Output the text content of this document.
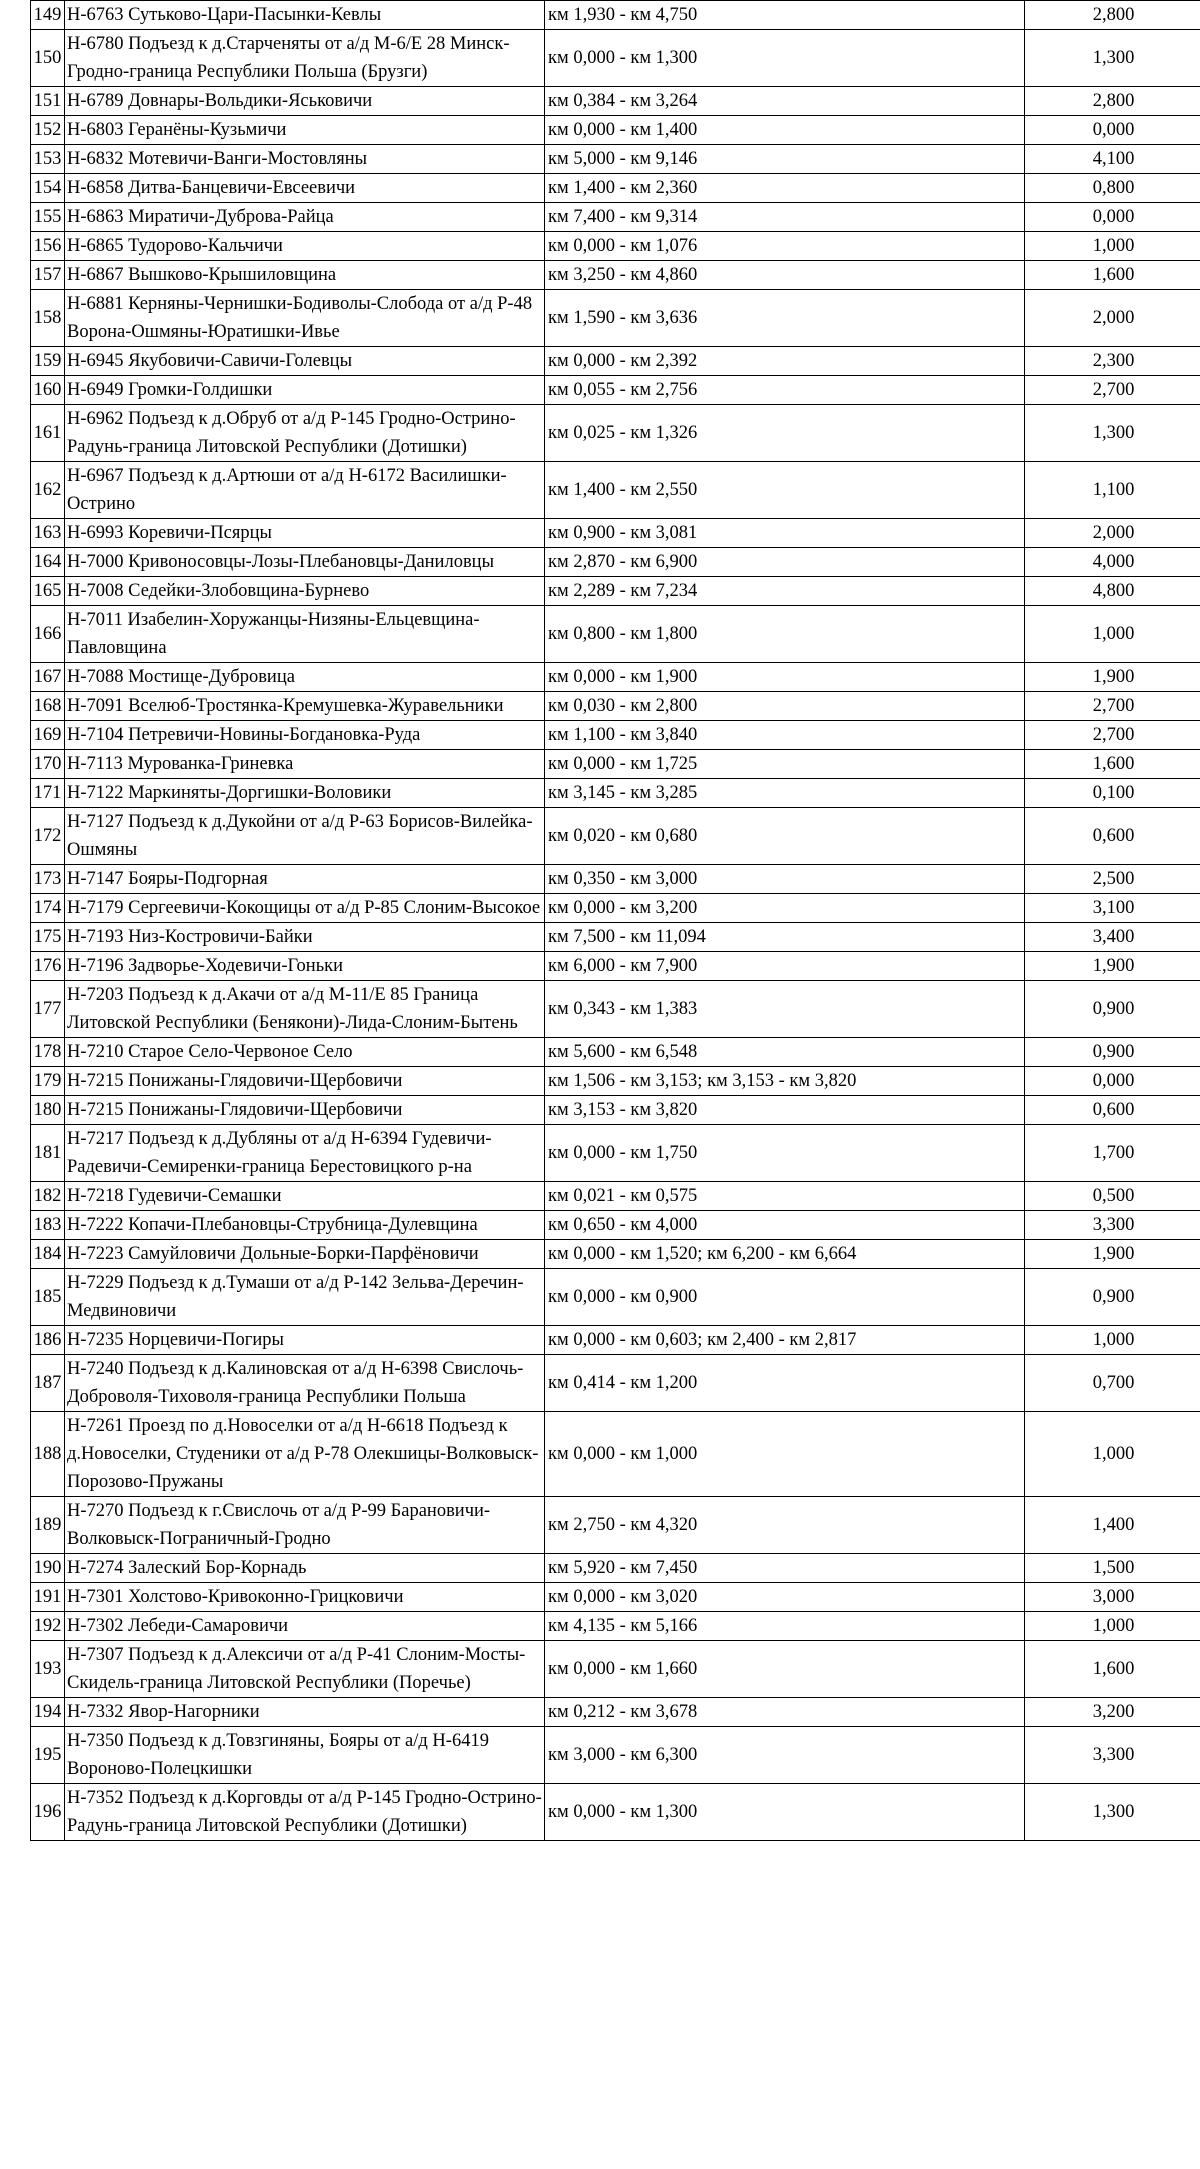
149	Н-6763 Сутьково-Цари-Пасынки-Кевлы	км 1,930 - км 4,750	2,800
150	Н-6780 Подъезд к д.Старченяты от а/д М-6/Е 28 Минск-Гродно-граница Республики Польша (Брузги)	км 0,000 - км 1,300	1,300
151	Н-6789 Довнары-Вольдики-Яськовичи	км 0,384 - км 3,264	2,800
152	Н-6803 Геранёны-Кузьмичи	км 0,000 - км 1,400	0,000
153	Н-6832 Мотевичи-Ванги-Мостовляны	км 5,000 - км 9,146	4,100
154	Н-6858 Дитва-Банцевичи-Евсеевичи	км 1,400 - км 2,360	0,800
155	Н-6863 Миратичи-Дуброва-Райца	км 7,400 - км 9,314	0,000
156	Н-6865 Тудорово-Кальчичи	км 0,000 - км 1,076	1,000
157	Н-6867 Вышково-Крышиловщина	км 3,250 - км 4,860	1,600
158	Н-6881 Керняны-Чернишки-Бодиволы-Слобода от а/д Р-48 Ворона-Ошмяны-Юратишки-Ивье	км 1,590 - км 3,636	2,000
159	Н-6945 Якубовичи-Савичи-Голевцы	км 0,000 - км 2,392	2,300
160	Н-6949 Громки-Голдишки	км 0,055 - км 2,756	2,700
161	Н-6962 Подъезд к д.Обруб от а/д Р-145 Гродно-Острино-Радунь-граница Литовской Республики (Дотишки)	км 0,025 - км 1,326	1,300
162	Н-6967 Подъезд к д.Артюши от а/д Н-6172 Василишки-Острино	км 1,400 - км 2,550	1,100
163	Н-6993 Коревичи-Псярцы	км 0,900 - км 3,081	2,000
164	Н-7000 Кривоносовцы-Лозы-Плебановцы-Даниловцы	км 2,870 - км 6,900	4,000
165	Н-7008 Седейки-Злобовщина-Бурнево	км 2,289 - км 7,234	4,800
166	Н-7011 Изабелин-Хоружанцы-Низяны-Ельцевщина-Павловщина	км 0,800 - км 1,800	1,000
167	Н-7088 Мостище-Дубровица	км 0,000 - км 1,900	1,900
168	Н-7091 Вселюб-Тростянка-Кремушевка-Журавельники	км 0,030 - км 2,800	2,700
169	Н-7104 Петревичи-Новины-Богдановка-Руда	км 1,100 - км 3,840	2,700
170	Н-7113 Мурованка-Гриневка	км 0,000 - км 1,725	1,600
171	Н-7122 Маркиняты-Доргишки-Воловики	км 3,145 - км 3,285	0,100
172	Н-7127 Подъезд к д.Дукойни от а/д Р-63 Борисов-Вилейка-Ошмяны	км 0,020 - км 0,680	0,600
173	Н-7147 Бояры-Подгорная	км 0,350 - км 3,000	2,500
174	Н-7179 Сергеевичи-Кокощицы от а/д Р-85 Слоним-Высокое	км 0,000 - км 3,200	3,100
175	Н-7193 Низ-Костровичи-Байки	км 7,500 - км 11,094	3,400
176	Н-7196 Задворье-Ходевичи-Гоньки	км 6,000 - км 7,900	1,900
177	Н-7203 Подъезд к д.Акачи от а/д М-11/Е 85 Граница Литовской Республики (Бенякони)-Лида-Слоним-Бытень	км 0,343 - км 1,383	0,900
178	Н-7210 Старое Село-Червоное Село	км 5,600 - км 6,548	0,900
179	Н-7215 Понижаны-Глядовичи-Щербовичи	км 1,506 - км 3,153; км 3,153 - км 3,820	0,000
180	Н-7215 Понижаны-Глядовичи-Щербовичи	км 3,153 - км 3,820	0,600
181	Н-7217 Подъезд к д.Дубляны от а/д Н-6394 Гудевичи-Радевичи-Семиренки-граница Берестовицкого р-на	км 0,000 - км 1,750	1,700
182	Н-7218 Гудевичи-Семашки	км 0,021 - км 0,575	0,500
183	Н-7222 Копачи-Плебановцы-Струбница-Дулевщина	км 0,650 - км 4,000	3,300
184	Н-7223 Самуйловичи Дольные-Борки-Парфёновичи	км 0,000 - км 1,520; км 6,200 - км 6,664	1,900
185	Н-7229 Подъезд к д.Тумаши от а/д Р-142 Зельва-Деречин-Медвиновичи	км 0,000 - км 0,900	0,900
186	Н-7235 Норцевичи-Погиры	км 0,000 - км 0,603; км 2,400 - км 2,817	1,000
187	Н-7240 Подъезд к д.Калиновская от а/д Н-6398 Свислочь-Доброволя-Тиховоля-граница Республики Польша	км 0,414 - км 1,200	0,700
188	Н-7261 Проезд по д.Новоселки от а/д Н-6618 Подъезд к д.Новоселки, Студеники от а/д Р-78 Олекшицы-Волковыск-Порозово-Пружаны	км 0,000 - км 1,000	1,000
189	Н-7270 Подъезд к г.Свислочь от а/д Р-99 Барановичи-Волковыск-Пограничный-Гродно	км 2,750 - км 4,320	1,400
190	Н-7274 Залеский Бор-Корнадь	км 5,920 - км 7,450	1,500
191	Н-7301 Холстово-Кривоконно-Грицковичи	км 0,000 - км 3,020	3,000
192	Н-7302 Лебеди-Самаровичи	км 4,135 - км 5,166	1,000
193	Н-7307 Подъезд к д.Алексичи от а/д Р-41 Слоним-Мосты-Скидель-граница Литовской Республики (Поречье)	км 0,000 - км 1,660	1,600
194	Н-7332 Явор-Нагорники	км 0,212 - км 3,678	3,200
195	Н-7350 Подъезд к д.Товзгиняны, Бояры от а/д Н-6419 Вороново-Полецкишки	км 3,000 - км 6,300	3,300
196	Н-7352 Подъезд к д.Корговды от а/д Р-145 Гродно-Острино-Радунь-граница Литовской Республики (Дотишки)	км 0,000 - км 1,300	1,300
